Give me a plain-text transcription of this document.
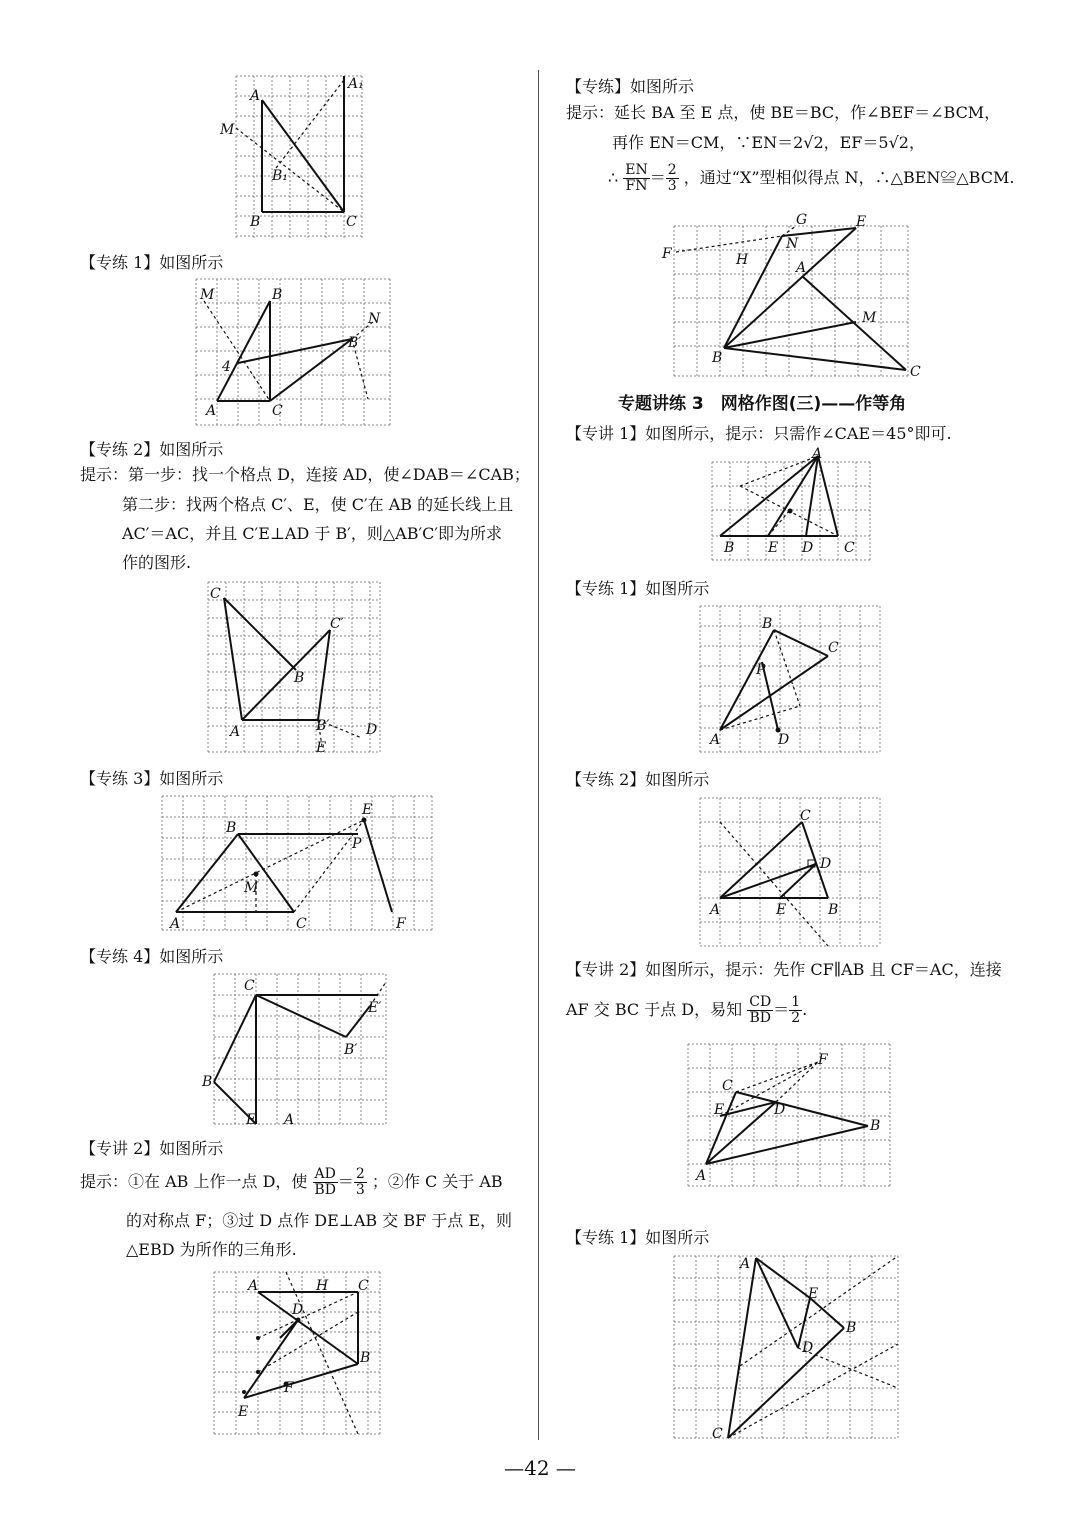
A
A₁
M
B₁
B	C
【专练 1】如图所示
M	B
N
B′
A	C
4
【专练 2】如图所示
提示：第一步：找一个格点 D，连接 AD，使∠DAB＝∠CAB；
第二步：找两个格点 C′、E，使 C′在 AB 的延长线上且
AC′＝AC，并且 C′E⊥AD 于 B′，则△AB′C′即为所求
作的图形.
C
C′
B
A	B′	D
E
【专练 3】如图所示
B
E
P
M
A	C	F
【专练 4】如图所示
C
E′
B′
B
E A
【专讲 2】如图所示
提示：①在 AB 上作一点 D，使 $\frac{AD}{BD} = \frac{2}{3}$ ；②作 C 关于 AB
的对称点 F；③过 D 点作 DE⊥AB 交 BF 于点 E，则
△EBD 为所作的三角形.
A	H C
D
B
F
E
【专练】如图所示
提示：延长 BA 至 E 点，使 BE＝BC，作∠BEF＝∠BCM，
再作 EN＝CM，∵EN＝2√2，EF＝5√2，
∴ $\frac{EN}{FN} = \frac{2}{3}$ ，通过“X”型相似得点 N，∴△BEN≌△BCM.
G	E
F
N
H	A
M
B
C
专题讲练 3　网格作图(三)——作等角
【专讲 1】如图所示，提示：只需作∠CAE＝45°即可.
A
B E D C
【专练 1】如图所示
B
C
P
A	D
【专练 2】如图所示
C
D
A	E	B
【专讲 2】如图所示，提示：先作 CF∥AB 且 CF＝AC，连接
AF 交 BC 于点 D，易知 $\frac{CD}{BD} = \frac{1}{2}$ .
F
C
E	D
B
A
【专练 1】如图所示
A
E
B
D
C
—42 —
